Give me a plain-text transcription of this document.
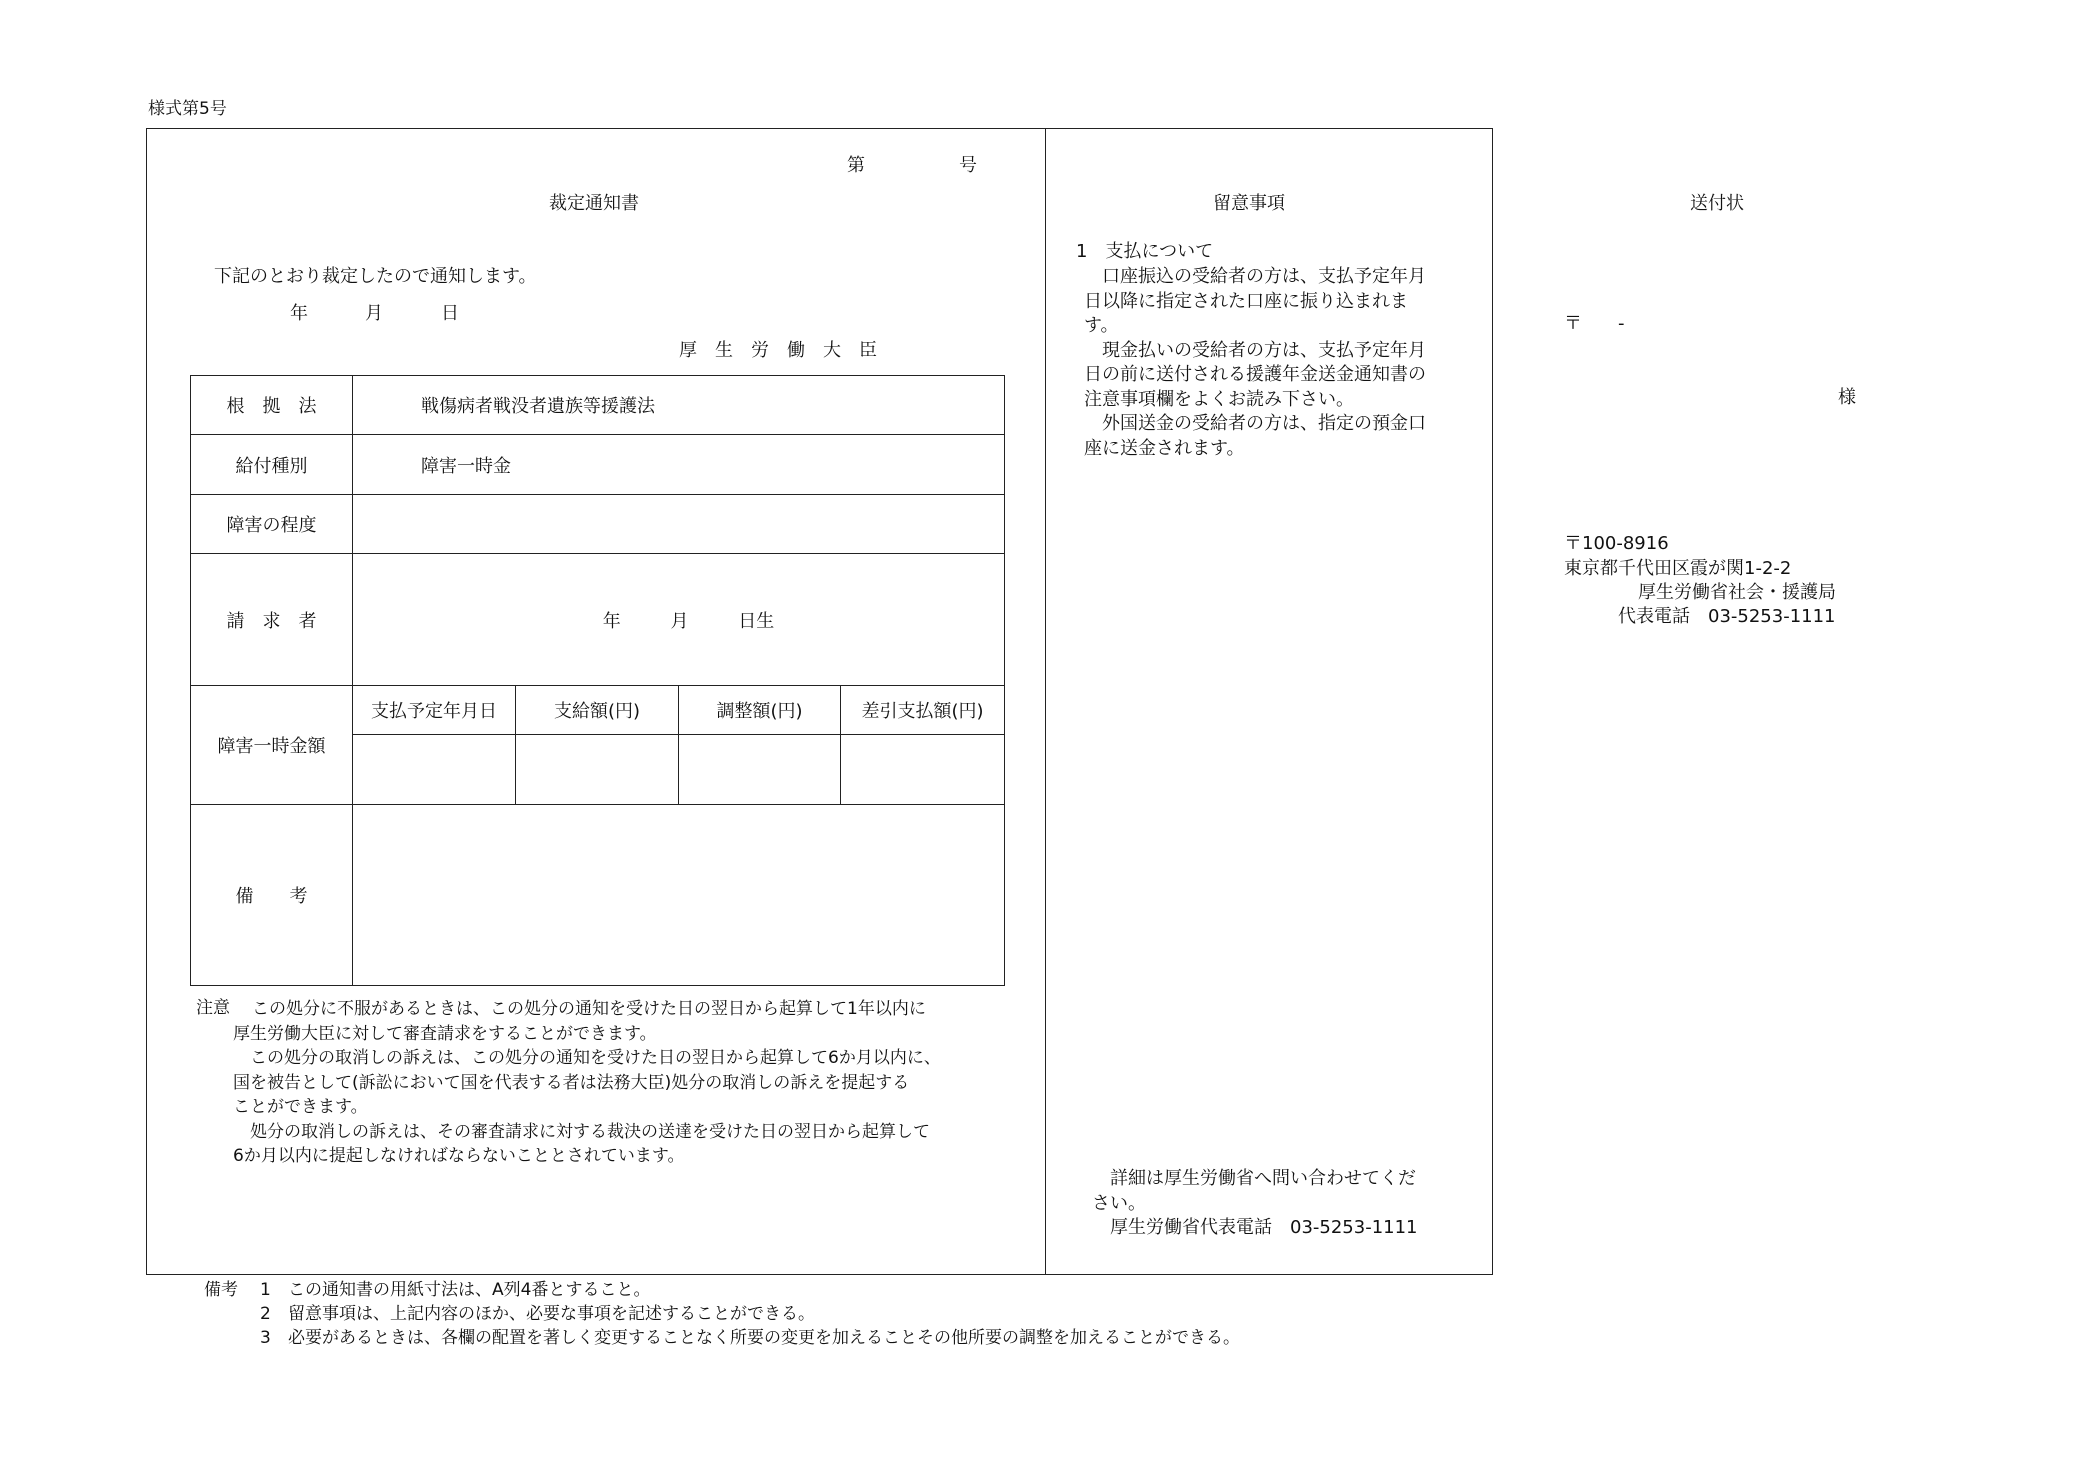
様式第5号
第	号
裁定通知書
下記のとおり裁定したので通知します。
年	月	日
厚　生　労　働　大　臣
根　拠　法	戦傷病者戦没者遺族等援護法			
給付種別	障害一時金			
障害の程度				
請　求　者	年 月 日生			
障害一時金額	支払予定年月日	支給額(円)	調整額(円)	差引支払額(円)

備　　考				
注意 この処分に不服があるときは、この処分の通知を受けた日の翌日から起算して1年以内に

厚生労働大臣に対して審査請求をすることができます。

　この処分の取消しの訴えは、この処分の通知を受けた日の翌日から起算して6か月以内に、

国を被告として(訴訟において国を代表する者は法務大臣)処分の取消しの訴えを提起する

ことができます。

　処分の取消しの訴えは、その審査請求に対する裁決の送達を受けた日の翌日から起算して

6か月以内に提起しなければならないこととされています。

留意事項
1　支払について

　口座振込の受給者の方は、支払予定年月

日以降に指定された口座に振り込まれま

す。

　現金払いの受給者の方は、支払予定年月

日の前に送付される援護年金送金通知書の

注意事項欄をよくお読み下さい。

　外国送金の受給者の方は、指定の預金口

座に送金されます。

　詳細は厚生労働省へ問い合わせてくだ

さい。

　厚生労働省代表電話　03-5253-1111

送付状
〒　　-
様
〒100-8916
東京都千代田区霞が関1-2-2
厚生労働省社会・援護局
代表電話　03-5253-1111
備考 1 この通知書の用紙寸法は、A列4番とすること。
2 留意事項は、上記内容のほか、必要な事項を記述することができる。
3 必要があるときは、各欄の配置を著しく変更することなく所要の変更を加えることその他所要の調整を加えることができる。
